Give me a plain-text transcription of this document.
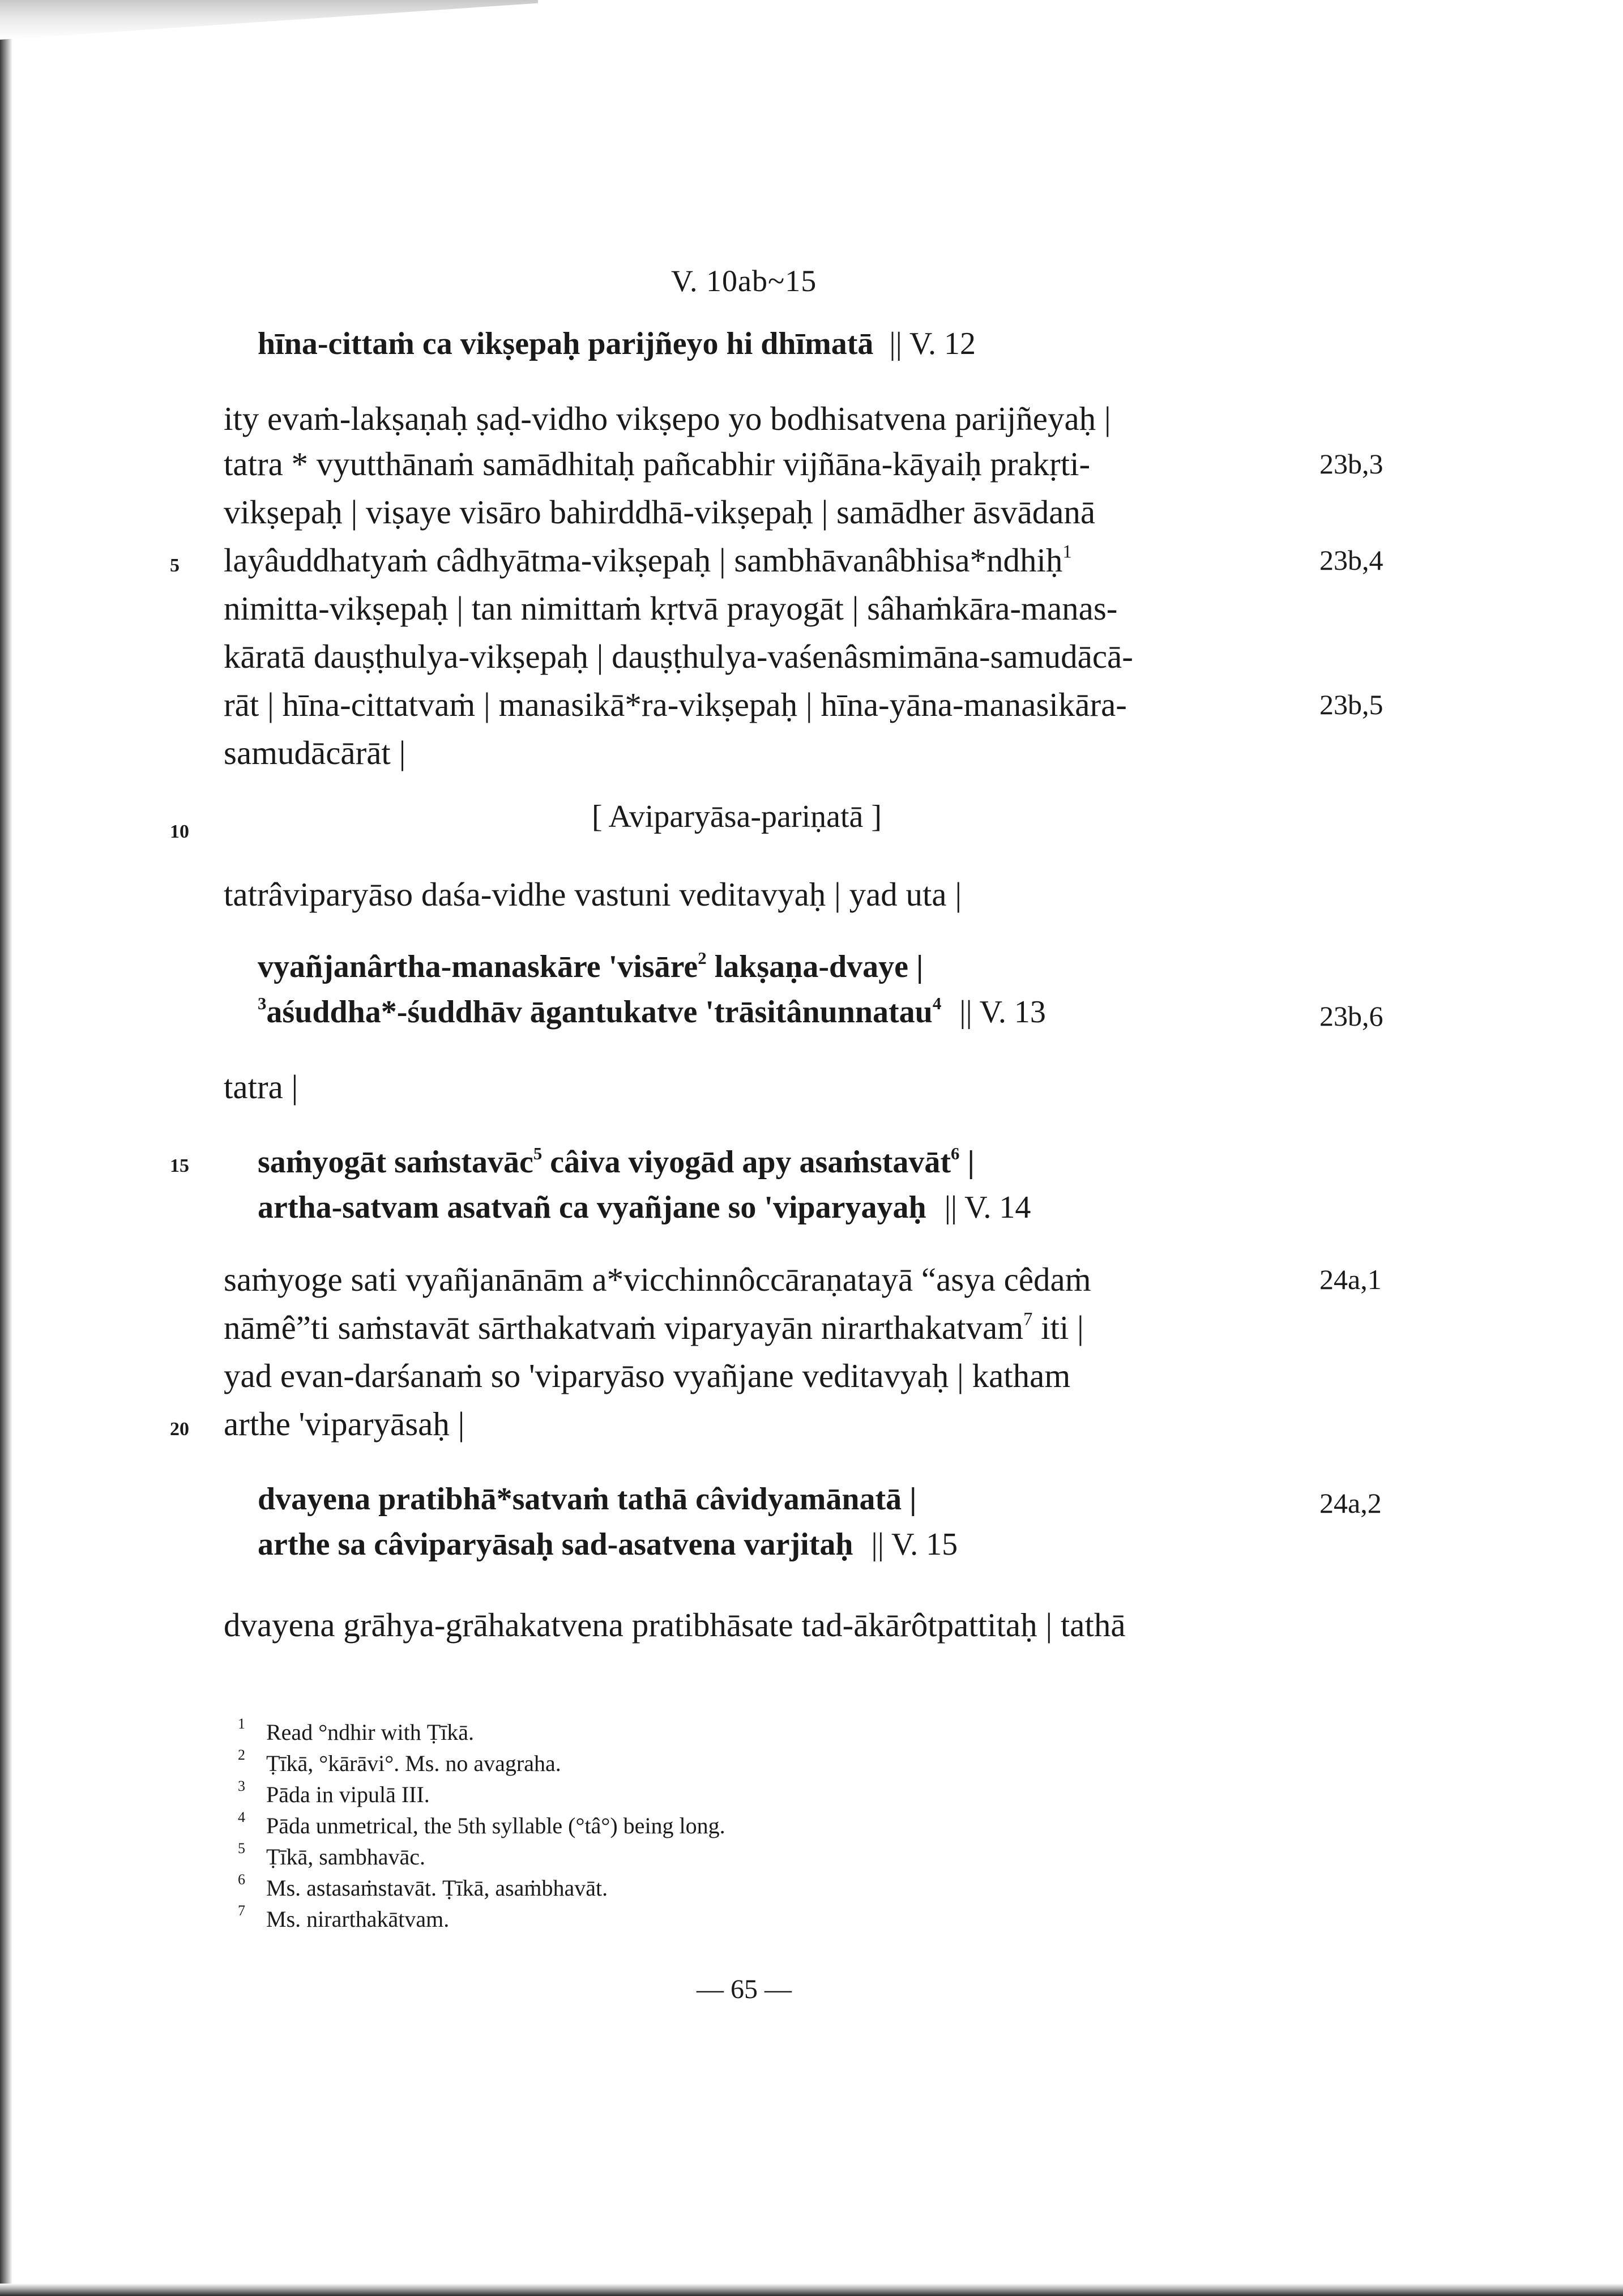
V. 10ab~15
hīna-cittaṁ ca vikṣepaḥ parijñeyo hi dhīmatā || V. 12
ity evaṁ-lakṣaṇaḥ ṣaḍ-vidho vikṣepo yo bodhisatvena parijñeyaḥ |
tatra * vyutthānaṁ samādhitaḥ pañcabhir vijñāna-kāyaiḥ prakṛti-
vikṣepaḥ | viṣaye visāro bahirddhā-vikṣepaḥ | samādher āsvādanā
layâuddhatyaṁ câdhyātma-vikṣepaḥ | sambhāvanâbhisa*ndhiḥ$^1$
nimitta-vikṣepaḥ | tan nimittaṁ kṛtvā prayogāt | sâhaṁkāra-manas-
kāratā dauṣṭhulya-vikṣepaḥ | dauṣṭhulya-vaśenâsmimāna-samudācā-
rāt | hīna-cittatvaṁ | manasikā*ra-vikṣepaḥ | hīna-yāna-manasikāra-
samudācārāt |
[ Aviparyāsa-pariṇatā ]
tatrâviparyāso daśa-vidhe vastuni veditavyaḥ | yad uta |
vyañjanârtha-manaskāre 'visāre$^2$ lakṣaṇa-dvaye |
$^3$aśuddha*-śuddhāv āgantukatve 'trāsitânunnatau$^4$ || V. 13
tatra |
saṁyogāt saṁstavāc$^5$ câiva viyogād apy asaṁstavāt$^6$ |
artha-satvam asatvañ ca vyañjane so 'viparyayaḥ || V. 14
saṁyoge sati vyañjanānām a*vicchinnôccāraṇatayā “asya cêdaṁ
nāmê”ti saṁstavāt sārthakatvaṁ viparyayān nirarthakatvam$^7$ iti |
yad evan-darśanaṁ so 'viparyāso vyañjane veditavyaḥ | katham
arthe 'viparyāsaḥ |
dvayena pratibhā*satvaṁ tathā câvidyamānatā |
arthe sa câviparyāsaḥ sad-asatvena varjitaḥ || V. 15
dvayena grāhya-grāhakatvena pratibhāsate tad-ākārôtpattitaḥ | tathā
23b,3
23b,4
23b,5
23b,6
24a,1
24a,2
5
10
15
20
1 Read °ndhir with Ṭīkā.
2 Ṭīkā, °kārāvi°. Ms. no avagraha.
3 Pāda in vipulā III.
4 Pāda unmetrical, the 5th syllable (°tâ°) being long.
5 Ṭīkā, sambhavāc.
6 Ms. astasaṁstavāt. Ṭīkā, asaṁbhavāt.
7 Ms. nirarthakātvam.
— 65 —
